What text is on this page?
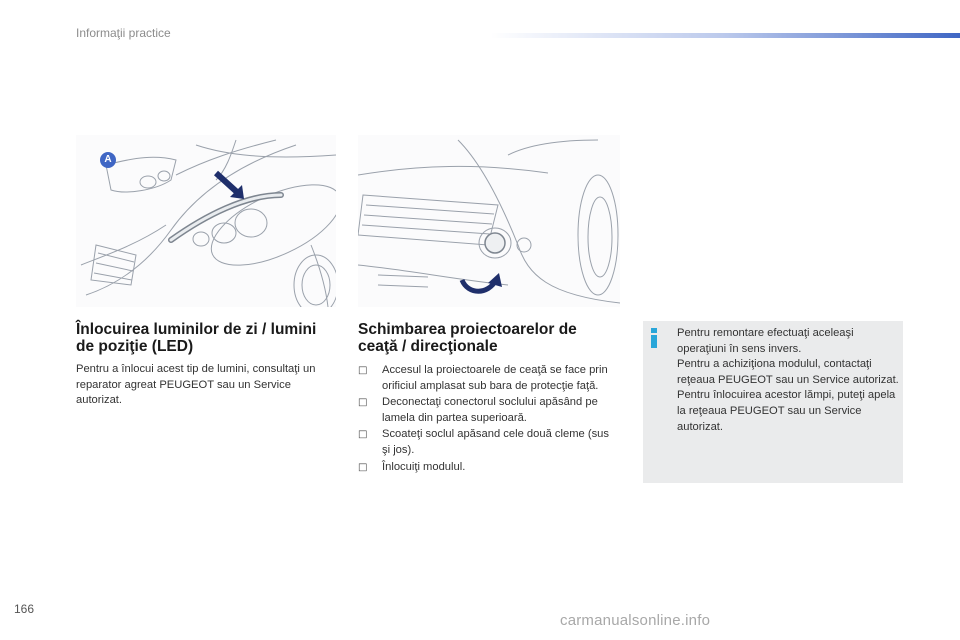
Informaţii practice
A
Înlocuirea luminilor de zi / lumini
de poziţie (LED)
Pentru a înlocui acest tip de lumini, consultaţi un reparator agreat PEUGEOT sau un Service autorizat.
Schimbarea proiectoarelor de
ceaţă / direcţionale
□ Accesul la proiectoarele de ceaţă se face prin orificiul amplasat sub bara de protecţie faţă.
□ Deconectaţi conectorul soclului apăsând pe lamela din partea superioară.
□ Scoateţi soclul apăsand cele două cleme (sus şi jos).
□ Înlocuiţi modulul.

Pentru remontare efectuaţi aceleaşi operaţiuni în sens invers.

Pentru a achiziţiona modulul, contactaţi reţeaua PEUGEOT sau un Service autorizat.

Pentru înlocuirea acestor lămpi, puteţi apela la reţeaua PEUGEOT sau un Service autorizat.

166
carmanualsonline.info
